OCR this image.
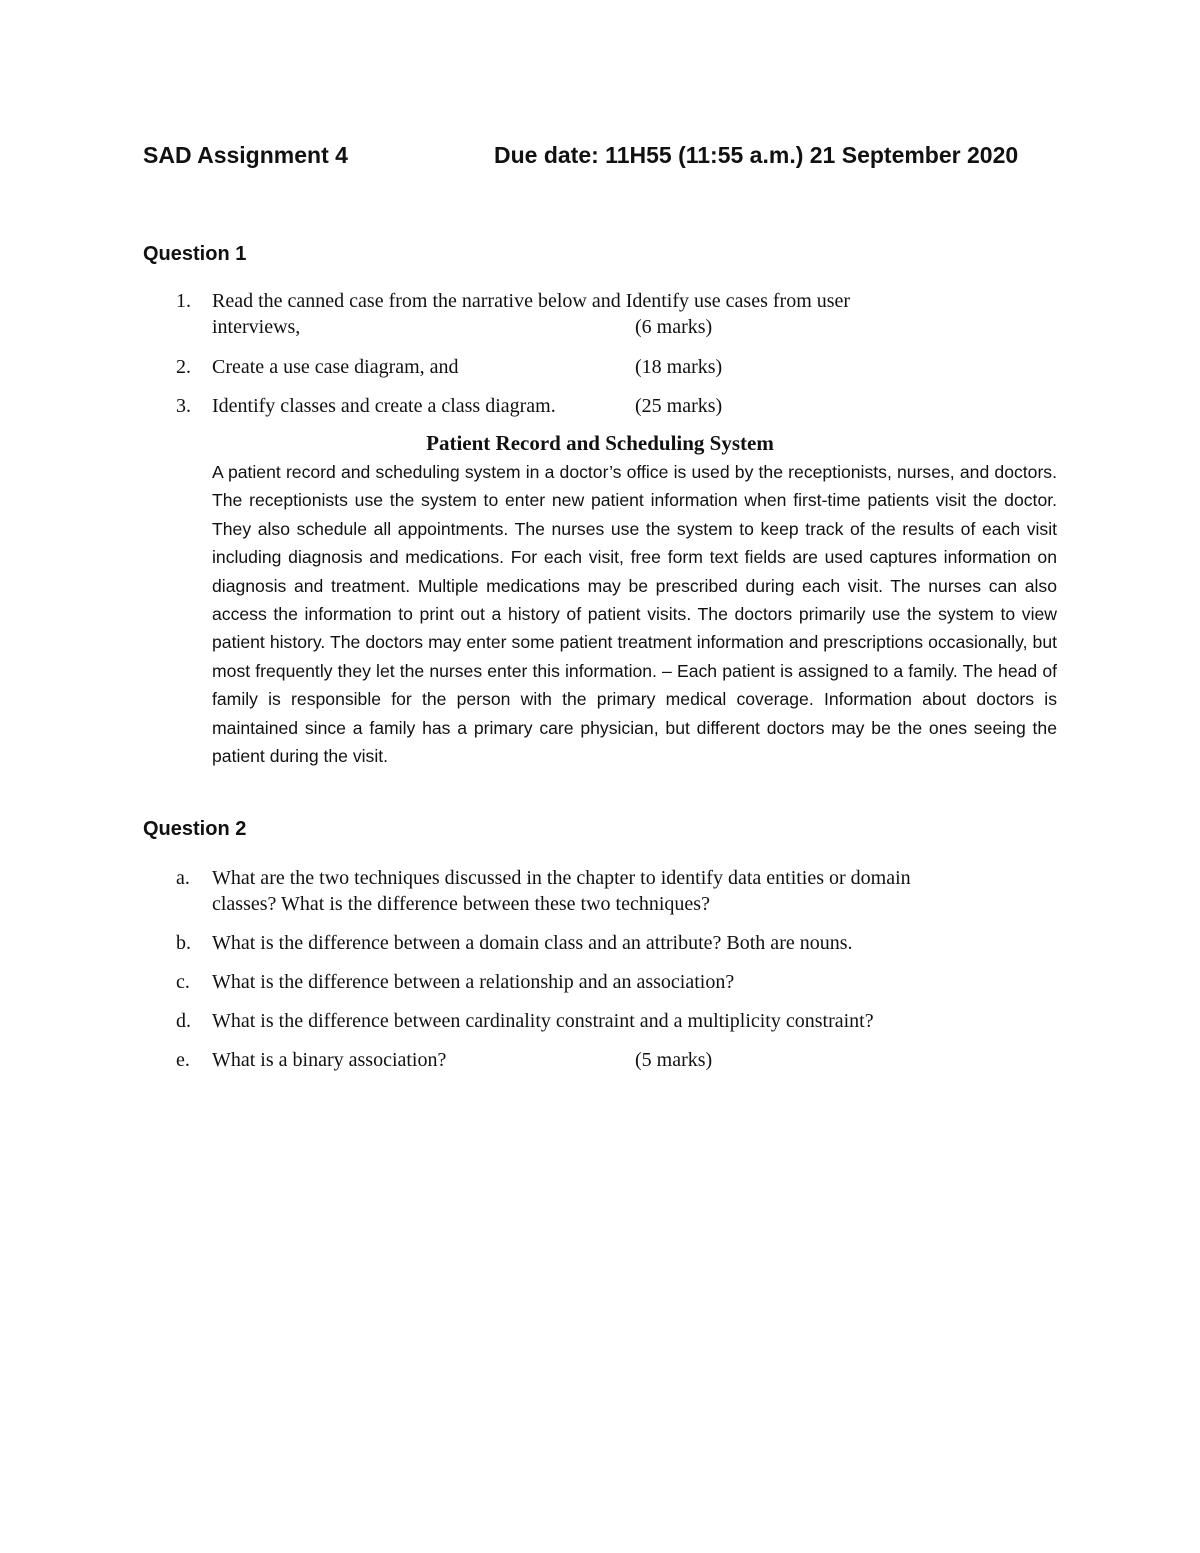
SAD Assignment 4	Due date: 11H55 (11:55 a.m.) 21 September 2020
Question 1
1.	Read the canned case from the narrative below and Identify use cases from user
interviews,	(6 marks)
2.	Create a use case diagram, and	(18 marks)
3.	Identify classes and create a class diagram.	(25 marks)
Patient Record and Scheduling System
A patient record and scheduling system in a doctor’s office is used by the receptionists, nurses, and doctors. The receptionists use the system to enter new patient information when first-time patients visit the doctor. They also schedule all appointments. The nurses use the system to keep track of the results of each visit including diagnosis and medications. For each visit, free form text fields are used captures information on diagnosis and treatment. Multiple medications may be prescribed during each visit. The nurses can also access the information to print out a history of patient visits. The doctors primarily use the system to view patient history. The doctors may enter some patient treatment information and prescriptions occasionally, but most frequently they let the nurses enter this information. – Each patient is assigned to a family. The head of family is responsible for the person with the primary medical coverage. Information about doctors is maintained since a family has a primary care physician, but different doctors may be the ones seeing the patient during the visit.
Question 2
a.	What are the two techniques discussed in the chapter to identify data entities or domain
classes? What is the difference between these two techniques?
b.	What is the difference between a domain class and an attribute? Both are nouns.
c.	What is the difference between a relationship and an association?
d.	What is the difference between cardinality constraint and a multiplicity constraint?
e.	What is a binary association?	(5 marks)
